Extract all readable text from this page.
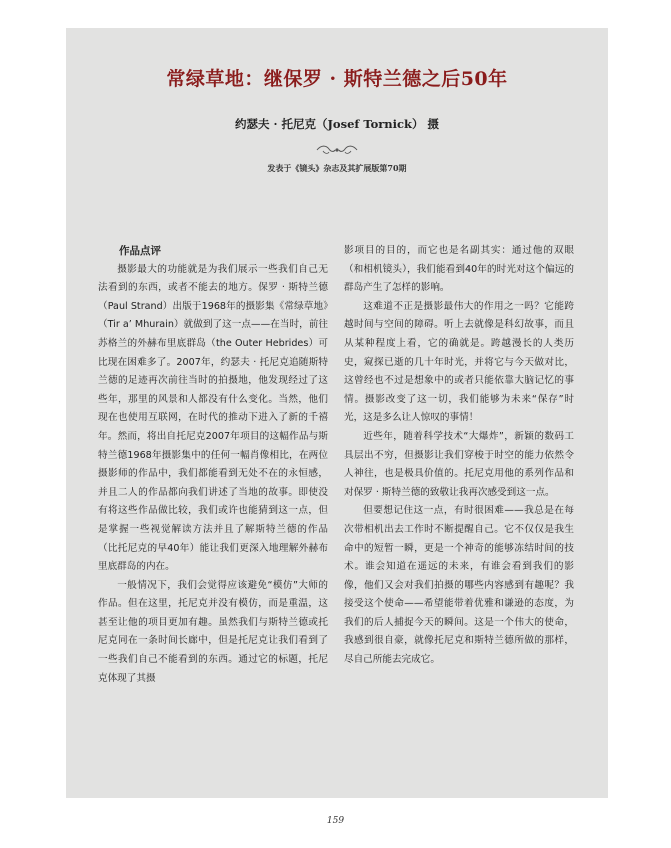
常绿草地：继保罗 · 斯特兰德之后50年
约瑟夫 · 托尼克（Josef Tornick） 摄
发表于《镜头》杂志及其扩展版第70期

作品点评

摄影最大的功能就是为我们展示一些我们自己无法看到的东西，或者不能去的地方。保罗 · 斯特兰德（Paul Strand）出版于1968年的摄影集《常绿草地》（Tir a’ Mhurain）就做到了这一点——在当时，前往苏格兰的外赫布里底群岛（the Outer Hebrides）可比现在困难多了。2007年，约瑟夫 · 托尼克追随斯特兰德的足迹再次前往当时的拍摄地，他发现经过了这些年，那里的风景和人都没有什么变化。当然，他们现在也使用互联网，在时代的推动下进入了新的千禧年。然而，将出自托尼克2007年项目的这幅作品与斯特兰德1968年摄影集中的任何一幅肖像相比，在两位摄影师的作品中，我们都能看到无处不在的永恒感，并且二人的作品都向我们讲述了当地的故事。即使没有将这些作品做比较，我们或许也能猜到这一点，但是掌握一些视觉解读方法并且了解斯特兰德的作品（比托尼克的早40年）能让我们更深入地理解外赫布里底群岛的内在。

一般情况下，我们会觉得应该避免“模仿”大师的作品。但在这里，托尼克并没有模仿，而是重温，这甚至让他的项目更加有趣。虽然我们与斯特兰德或托尼克同在一条时间长廊中，但是托尼克让我们看到了一些我们自己不能看到的东西。通过它的标题，托尼克体现了其摄

影项目的目的，而它也是名副其实：通过他的双眼（和相机镜头），我们能看到40年的时光对这个偏远的群岛产生了怎样的影响。

这难道不正是摄影最伟大的作用之一吗？它能跨越时间与空间的障碍。听上去就像是科幻故事，而且从某种程度上看，它的确就是。跨越漫长的人类历史，窥探已逝的几十年时光，并将它与今天做对比，这曾经也不过是想象中的或者只能依靠大脑记忆的事情。摄影改变了这一切，我们能够为未来“保存”时光，这是多么让人惊叹的事情！

近些年，随着科学技术“大爆炸”，新颖的数码工具层出不穷，但摄影让我们穿梭于时空的能力依然令人神往，也是极具价值的。托尼克用他的系列作品和对保罗 · 斯特兰德的致敬让我再次感受到这一点。

但要想记住这一点，有时很困难——我总是在每次带相机出去工作时不断提醒自己。它不仅仅是我生命中的短暂一瞬，更是一个神奇的能够冻结时间的技术。谁会知道在遥远的未来，有谁会看到我们的影像，他们又会对我们拍摄的哪些内容感到有趣呢？我接受这个使命——希望能带着优雅和谦逊的态度，为我们的后人捕捉今天的瞬间。这是一个伟大的使命，我感到很自豪，就像托尼克和斯特兰德所做的那样，尽自己所能去完成它。

159
